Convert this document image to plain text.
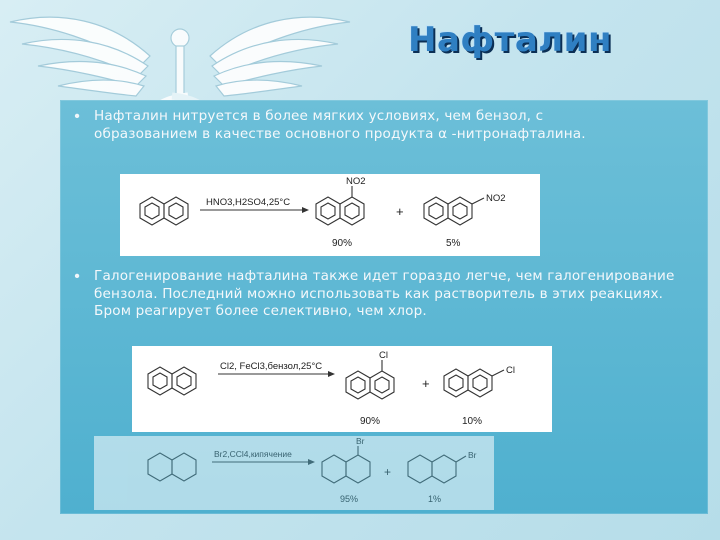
Нафталин
•	Нафталин нитруется в более мягких условиях, чем бензол, с
образованием в качестве основного продукта α -нитронафталина.
HNO3,H2SO4,25°C
NO2
+
NO2
90%	5%
•	Галогенирование нафталина также идет гораздо легче, чем галогенирование
бензола. Последний можно использовать как растворитель в этих реакциях.
Бром реагирует более селективно, чем хлор.
Cl2, FeCl3,бензол,25°C
Cl
+
Cl
90%	10%
Br2,CCl4,кипячение
Br
+
Br
95%	1%
